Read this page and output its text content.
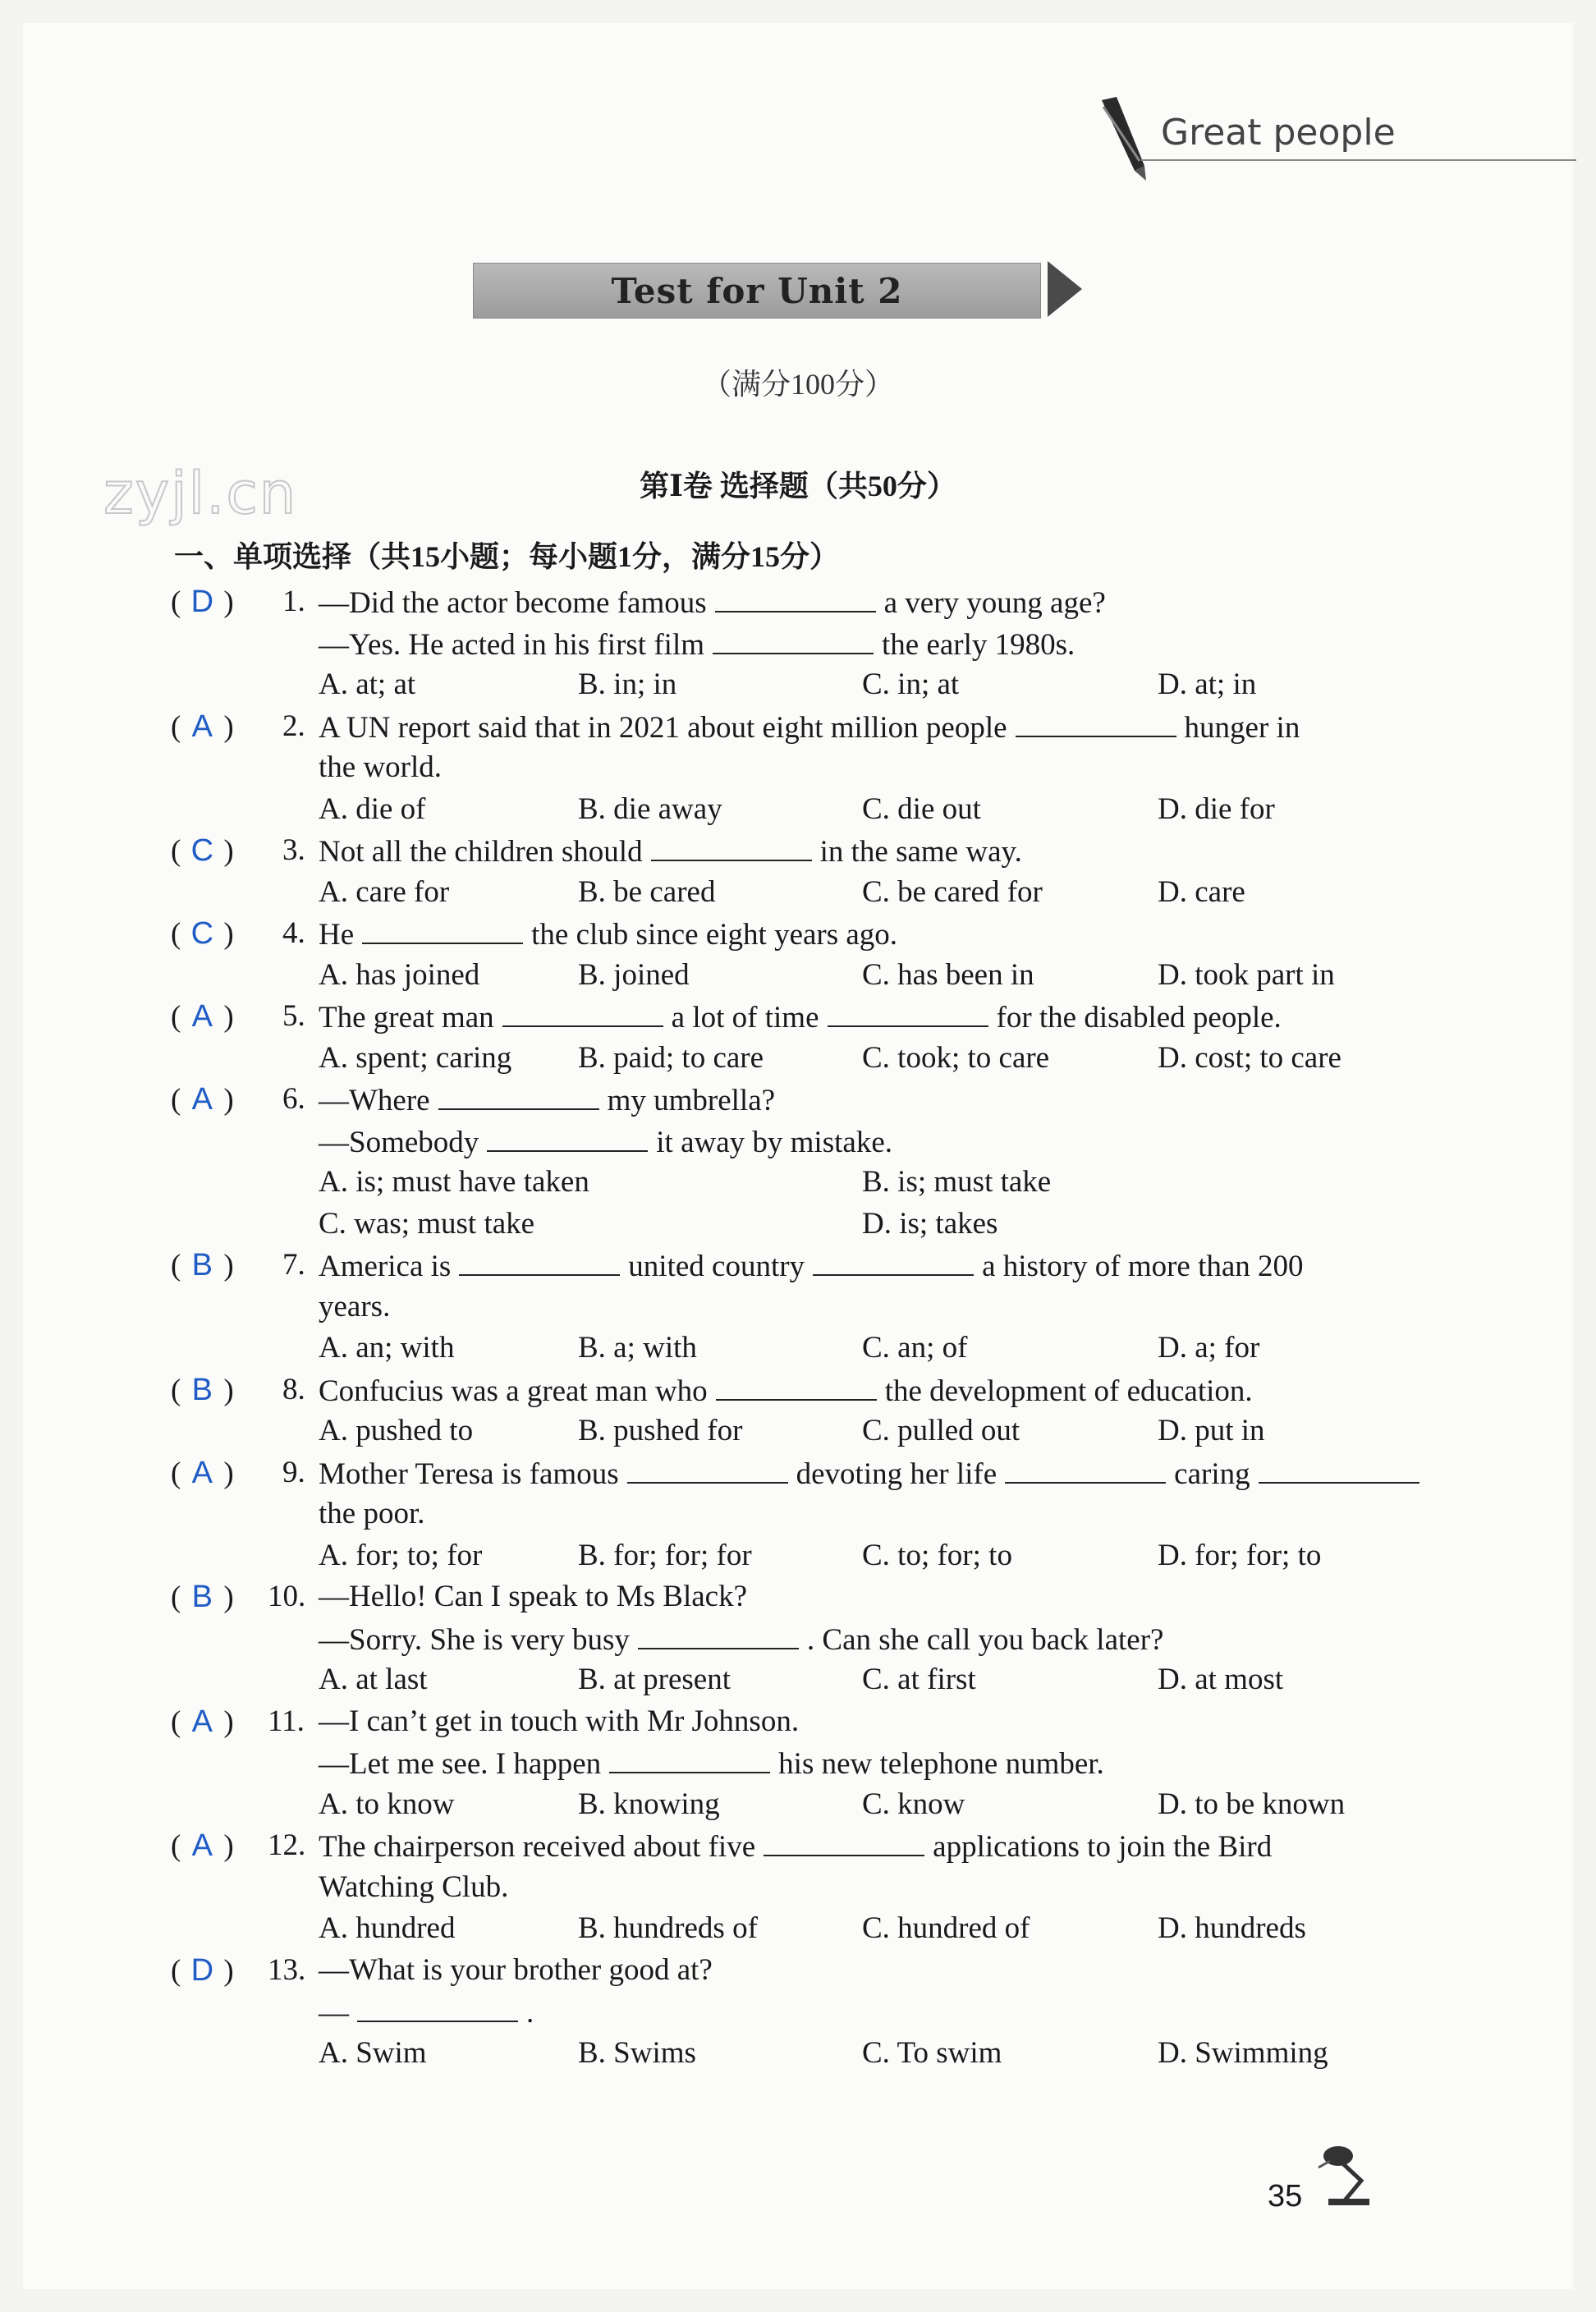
Great people
Test for Unit 2
（满分100分）
zyjl.cn	第Ⅰ卷 选择题（共50分）
一、单项选择（共15小题；每小题1分，满分15分）
( D ) 1. —Did the actor become famous	a very young age?
—Yes. He acted in his first film	the early 1980s.
A. at; at	B. in; in	C. in; at	D. at; in
( A ) 2. A UN report said that in 2021 about eight million people	hunger in
the world.
A. die of	B. die away	C. die out	D. die for
( C ) 3. Not all the children should	in the same way.
A. care for	B. be cared	C. be cared for	D. care
( C ) 4. He	the club since eight years ago.
A. has joined	B. joined	C. has been in	D. took part in
( A ) 5. The great man	a lot of time	for the disabled people.
A. spent; caring B. paid; to care	C. took; to care	D. cost; to care
( A ) 6. —Where	my umbrella?
—Somebody	it away by mistake.
A. is; must have taken	B. is; must take
C. was; must take	D. is; takes
( B ) 7. America is	united country	a history of more than 200
years.
A. an; with	B. a; with	C. an; of	D. a; for
( B ) 8. Confucius was a great man who	the development of education.
A. pushed to	B. pushed for	C. pulled out	D. put in
( A ) 9. Mother Teresa is famous	devoting her life	caring
the poor.
A. for; to; for	B. for; for; for	C. to; for; to	D. for; for; to
( B ) 10. —Hello! Can I speak to Ms Black?
—Sorry. She is very busy	. Can she call you back later?
A. at last	B. at present	C. at first	D. at most
( A ) 11. —I can’t get in touch with Mr Johnson.
—Let me see. I happen	his new telephone number.
A. to know	B. knowing	C. know	D. to be known
( A ) 12. The chairperson received about five	applications to join the Bird
Watching Club.
A. hundred	B. hundreds of	C. hundred of	D. hundreds
( D ) 13. —What is your brother good at?
—	.
A. Swim	B. Swims	C. To swim	D. Swimming
35
